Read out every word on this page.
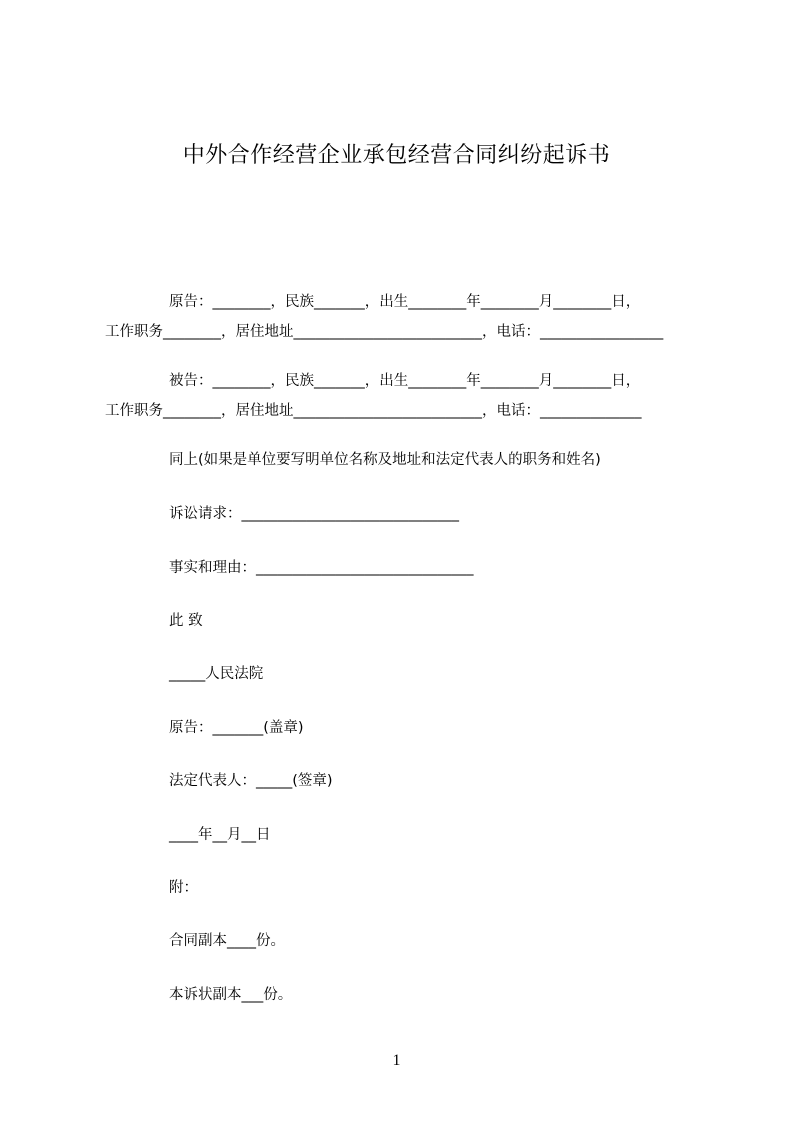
中外合作经营企业承包经营合同纠纷起诉书
原告：________，民族_______，出生________年________月________日，
工作职务________，居住地址__________________________，电话：_________________
被告：________，民族_______，出生________年________月________日，
工作职务________，居住地址__________________________，电话：______________
同上(如果是单位要写明单位名称及地址和法定代表人的职务和姓名)
诉讼请求：______________________________
事实和理由：______________________________
此 致
_____人民法院
原告：_______(盖章)
法定代表人：_____(签章)
____年__月__日
附：
合同副本____份。
本诉状副本___份。
1
